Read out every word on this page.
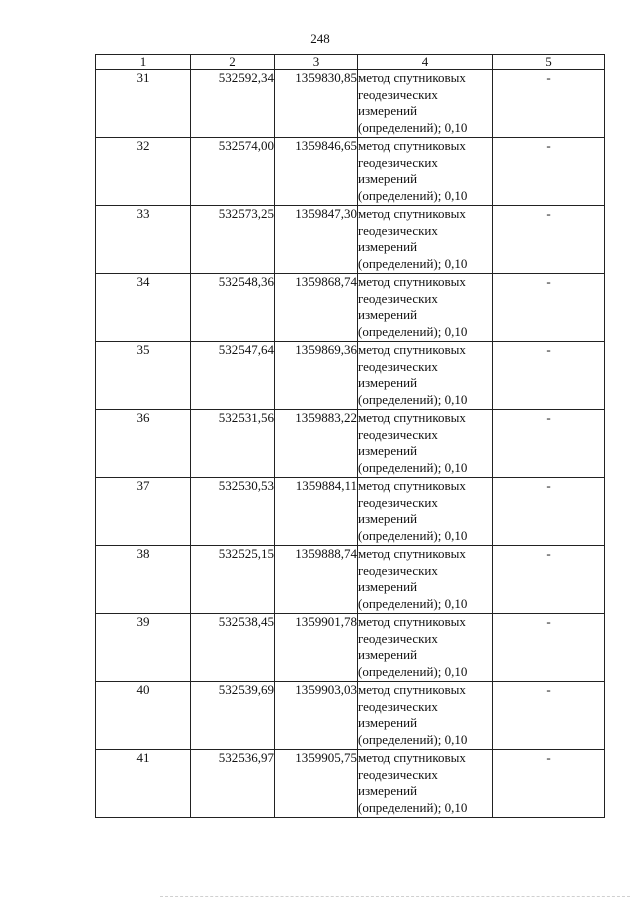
248
1	2	3	4	5
31	532592,34	1359830,85	метод спутниковых
геодезических
измерений
(определений); 0,10	-
32	532574,00	1359846,65	метод спутниковых
геодезических
измерений
(определений); 0,10	-
33	532573,25	1359847,30	метод спутниковых
геодезических
измерений
(определений); 0,10	-
34	532548,36	1359868,74	метод спутниковых
геодезических
измерений
(определений); 0,10	-
35	532547,64	1359869,36	метод спутниковых
геодезических
измерений
(определений); 0,10	-
36	532531,56	1359883,22	метод спутниковых
геодезических
измерений
(определений); 0,10	-
37	532530,53	1359884,11	метод спутниковых
геодезических
измерений
(определений); 0,10	-
38	532525,15	1359888,74	метод спутниковых
геодезических
измерений
(определений); 0,10	-
39	532538,45	1359901,78	метод спутниковых
геодезических
измерений
(определений); 0,10	-
40	532539,69	1359903,03	метод спутниковых
геодезических
измерений
(определений); 0,10	-
41	532536,97	1359905,75	метод спутниковых
геодезических
измерений
(определений); 0,10	-
